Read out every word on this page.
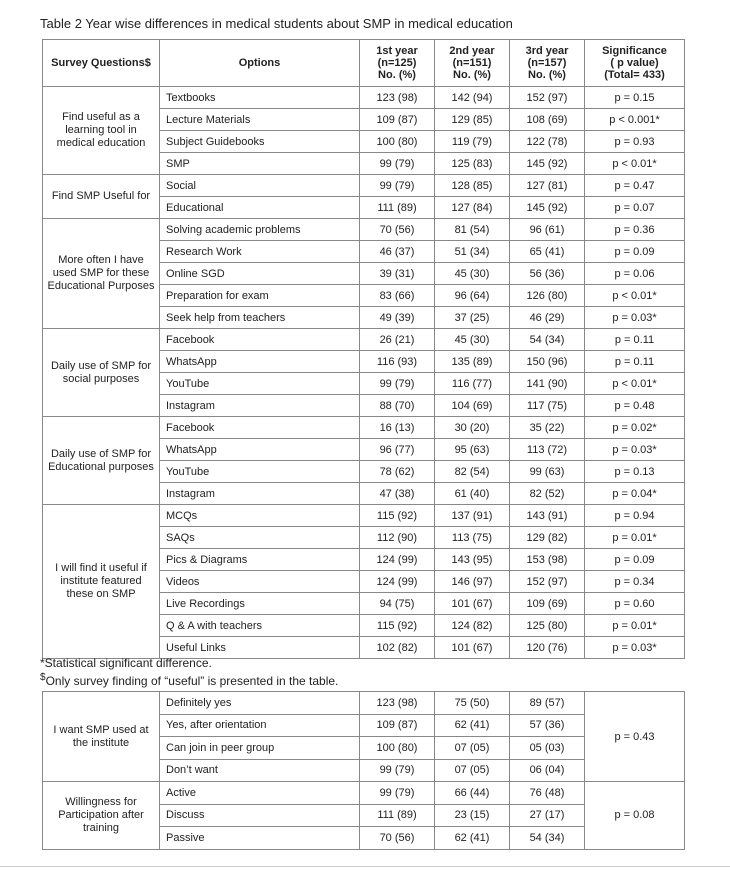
Table 2 Year wise differences in medical students about SMP in medical education
Survey Questions$	Options	1st year
(n=125)
No. (%)	2nd year
(n=151)
No. (%)	3rd year
(n=157)
No. (%)	Significance
( p value)
(Total= 433)

Find useful as a learning tool in medical education	Textbooks	123 (98)	142 (94)	152 (97)	p = 0.15
	Lecture Materials	109 (87)	129 (85)	108 (69)	p < 0.001*
	Subject Guidebooks	100 (80)	119 (79)	122 (78)	p = 0.93
	SMP	99 (79)	125 (83)	145 (92)	p < 0.01*
Find SMP Useful for	Social	99 (79)	128 (85)	127 (81)	p = 0.47
	Educational	111 (89)	127 (84)	145 (92)	p = 0.07
More often I have used SMP for these Educational Purposes	Solving academic problems	70 (56)	81 (54)	96 (61)	p = 0.36
	Research Work	46 (37)	51 (34)	65 (41)	p = 0.09
	Online SGD	39 (31)	45 (30)	56 (36)	p = 0.06
	Preparation for exam	83 (66)	96 (64)	126 (80)	p < 0.01*
	Seek help from teachers	49 (39)	37 (25)	46 (29)	p = 0.03*
Daily use of SMP for social purposes	Facebook	26 (21)	45 (30)	54 (34)	p = 0.11
	WhatsApp	116 (93)	135 (89)	150 (96)	p = 0.11
	YouTube	99 (79)	116 (77)	141 (90)	p < 0.01*
	Instagram	88 (70)	104 (69)	117 (75)	p = 0.48
Daily use of SMP for Educational purposes	Facebook	16 (13)	30 (20)	35 (22)	p = 0.02*
	WhatsApp	96 (77)	95 (63)	113 (72)	p = 0.03*
	YouTube	78 (62)	82 (54)	99 (63)	p = 0.13
	Instagram	47 (38)	61 (40)	82 (52)	p = 0.04*
I will find it useful if institute featured these on SMP	MCQs	115 (92)	137 (91)	143 (91)	p = 0.94
	SAQs	112 (90)	113 (75)	129 (82)	p = 0.01*
	Pics & Diagrams	124 (99)	143 (95)	153 (98)	p = 0.09
	Videos	124 (99)	146 (97)	152 (97)	p = 0.34
	Live Recordings	94 (75)	101 (67)	109 (69)	p = 0.60
	Q & A with teachers	115 (92)	124 (82)	125 (80)	p = 0.01*
	Useful Links	102 (82)	101 (67)	120 (76)	p = 0.03*
*Statistical significant difference.
$Only survey finding of “useful” is presented in the table.
I want SMP used at the institute	Definitely yes	123 (98)	75 (50)	89 (57)	p = 0.43
	Yes, after orientation	109 (87)	62 (41)	57 (36)	
	Can join in peer group	100 (80)	07 (05)	05 (03)	
	Don’t want	99 (79)	07 (05)	06 (04)	
Willingness for Participation after training	Active	99 (79)	66 (44)	76 (48)	p = 0.08
	Discuss	111 (89)	23 (15)	27 (17)	
	Passive	70 (56)	62 (41)	54 (34)	
